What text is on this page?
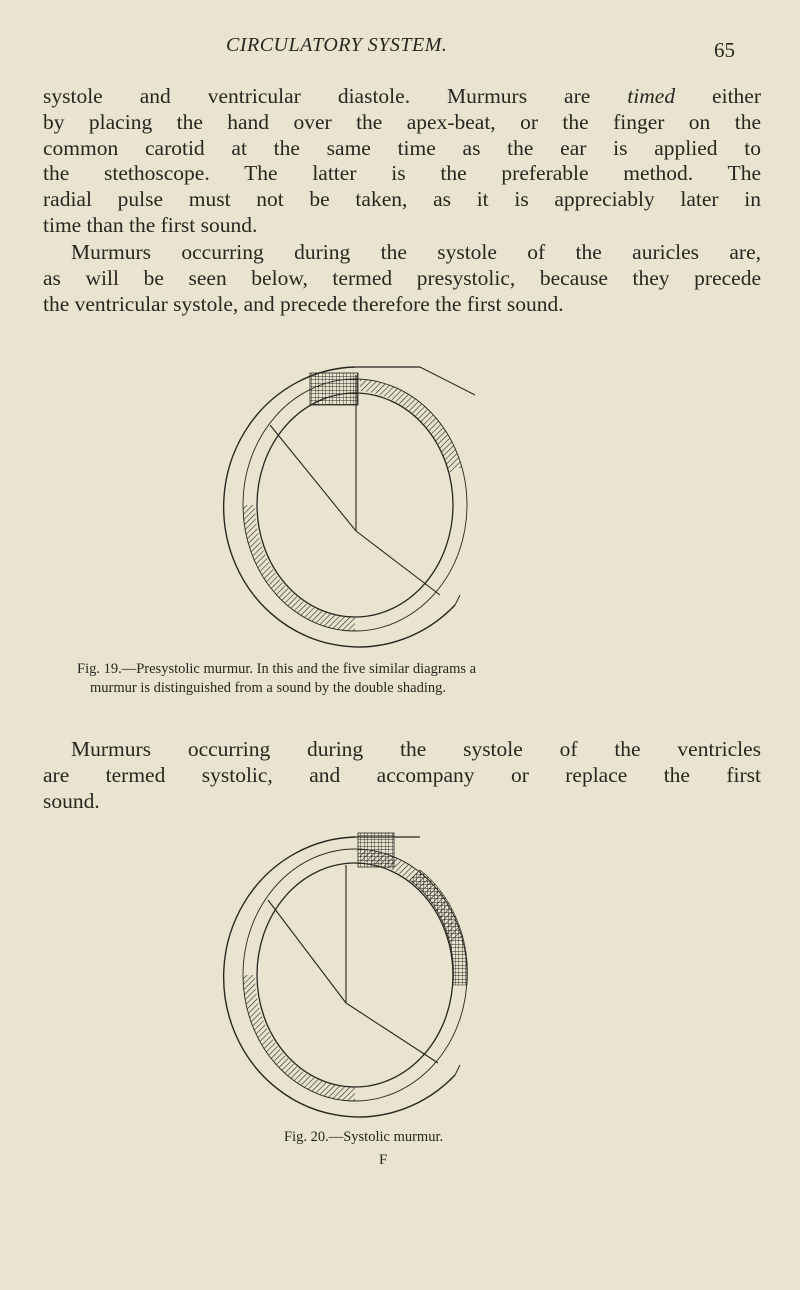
CIRCULATORY SYSTEM.	65
systole and ventricular diastole. Murmurs are timed either
by placing the hand over the apex-beat, or the finger on the
common carotid at the same time as the ear is applied to
the stethoscope. The latter is the preferable method. The
radial pulse must not be taken, as it is appreciably later in
time than the first sound.
Murmurs occurring during the systole of the auricles are,
as will be seen below, termed presystolic, because they precede
the ventricular systole, and precede therefore the first sound.
Fig. 19.—Presystolic murmur. In this and the five similar diagrams a
murmur is distinguished from a sound by the double shading.
Murmurs occurring during the systole of the ventricles
are termed systolic, and accompany or replace the first
sound.
Fig. 20.—Systolic murmur.
F
